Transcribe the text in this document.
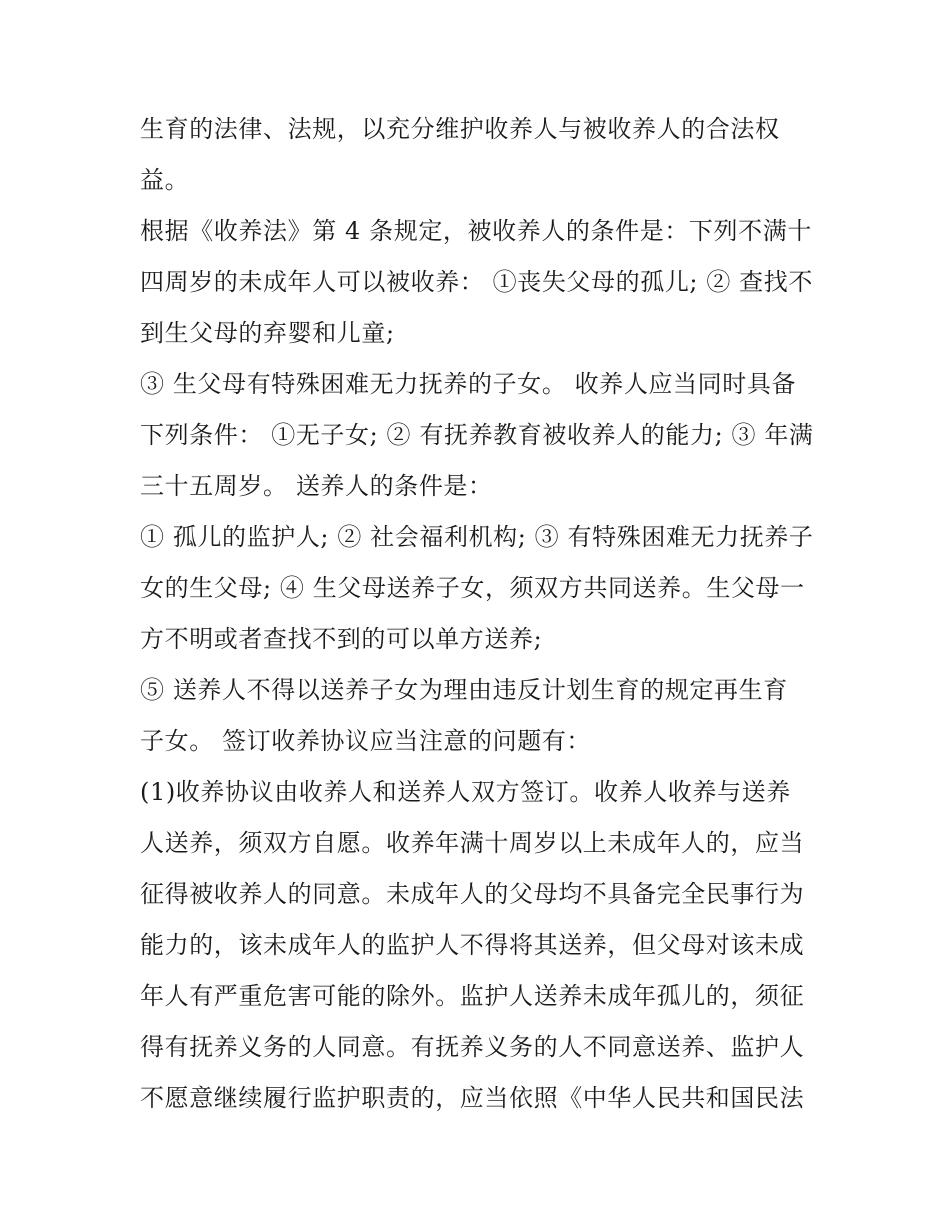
生育的法律、法规，以充分维护收养人与被收养人的合法权
益。
根据《收养法》第 4 条规定，被收养人的条件是：下列不满十
四周岁的未成年人可以被收养： ①丧失父母的孤儿; ② 查找不
到生父母的弃婴和儿童;
③ 生父母有特殊困难无力抚养的子女。 收养人应当同时具备
下列条件： ①无子女; ② 有抚养教育被收养人的能力; ③ 年满
三十五周岁。 送养人的条件是：
① 孤儿的监护人; ② 社会福利机构; ③ 有特殊困难无力抚养子
女的生父母; ④ 生父母送养子女，须双方共同送养。生父母一
方不明或者查找不到的可以单方送养;
⑤ 送养人不得以送养子女为理由违反计划生育的规定再生育
子女。 签订收养协议应当注意的问题有：
(1)收养协议由收养人和送养人双方签订。收养人收养与送养
人送养，须双方自愿。收养年满十周岁以上未成年人的，应当
征得被收养人的同意。未成年人的父母均不具备完全民事行为
能力的，该未成年人的监护人不得将其送养，但父母对该未成
年人有严重危害可能的除外。监护人送养未成年孤儿的，须征
得有抚养义务的人同意。有抚养义务的人不同意送养、监护人
不愿意继续履行监护职责的，应当依照《中华人民共和国民法
